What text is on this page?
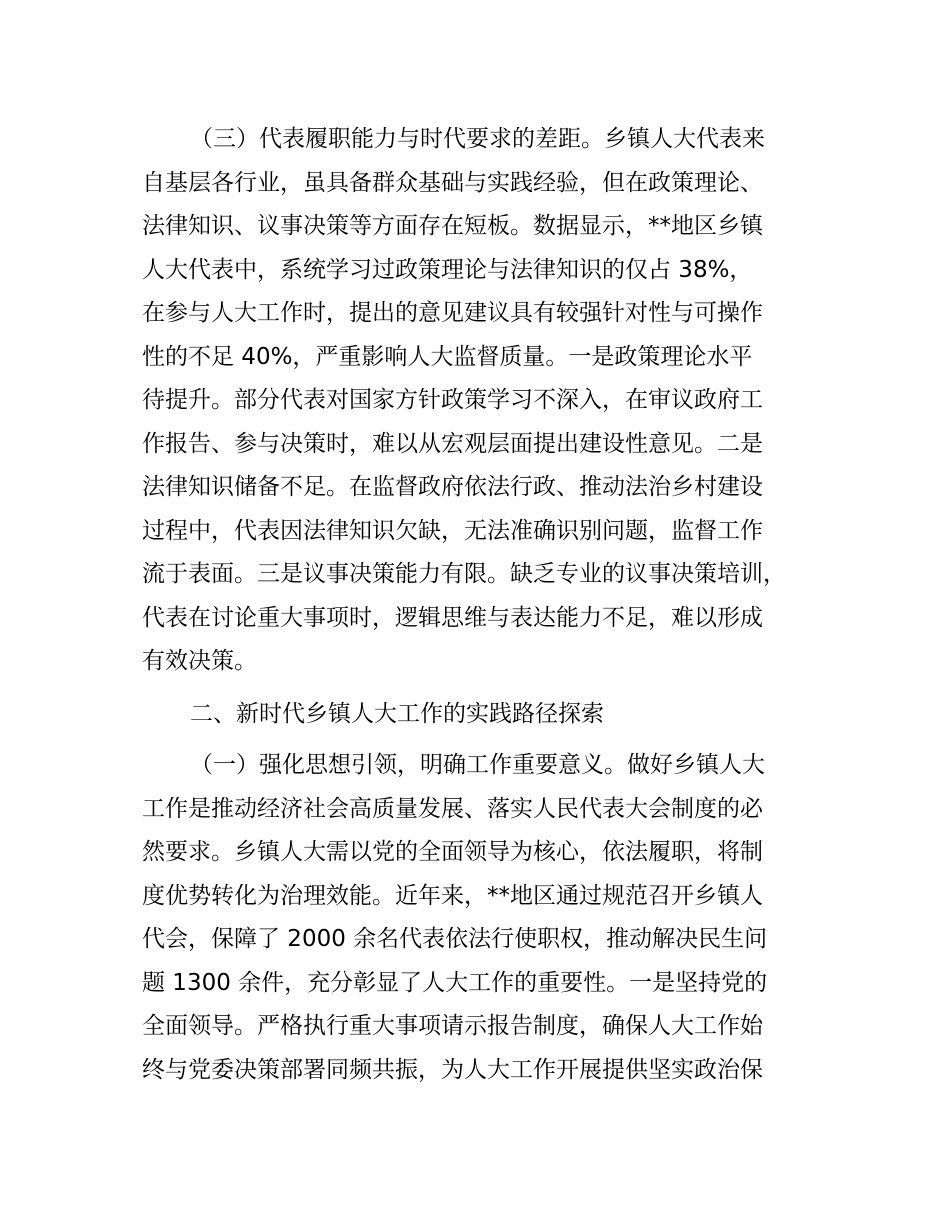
（三）代表履职能力与时代要求的差距。乡镇人大代表来
自基层各行业，虽具备群众基础与实践经验，但在政策理论、
法律知识、议事决策等方面存在短板。数据显示，**地区乡镇
人大代表中，系统学习过政策理论与法律知识的仅占 38%，
在参与人大工作时，提出的意见建议具有较强针对性与可操作
性的不足 40%，严重影响人大监督质量。一是政策理论水平
待提升。部分代表对国家方针政策学习不深入，在审议政府工
作报告、参与决策时，难以从宏观层面提出建设性意见。二是
法律知识储备不足。在监督政府依法行政、推动法治乡村建设
过程中，代表因法律知识欠缺，无法准确识别问题，监督工作
流于表面。三是议事决策能力有限。缺乏专业的议事决策培训，
代表在讨论重大事项时，逻辑思维与表达能力不足，难以形成
有效决策。
二、新时代乡镇人大工作的实践路径探索
（一）强化思想引领，明确工作重要意义。做好乡镇人大
工作是推动经济社会高质量发展、落实人民代表大会制度的必
然要求。乡镇人大需以党的全面领导为核心，依法履职，将制
度优势转化为治理效能。近年来，**地区通过规范召开乡镇人
代会，保障了 2000 余名代表依法行使职权，推动解决民生问
题 1300 余件，充分彰显了人大工作的重要性。一是坚持党的
全面领导。严格执行重大事项请示报告制度，确保人大工作始
终与党委决策部署同频共振，为人大工作开展提供坚实政治保
